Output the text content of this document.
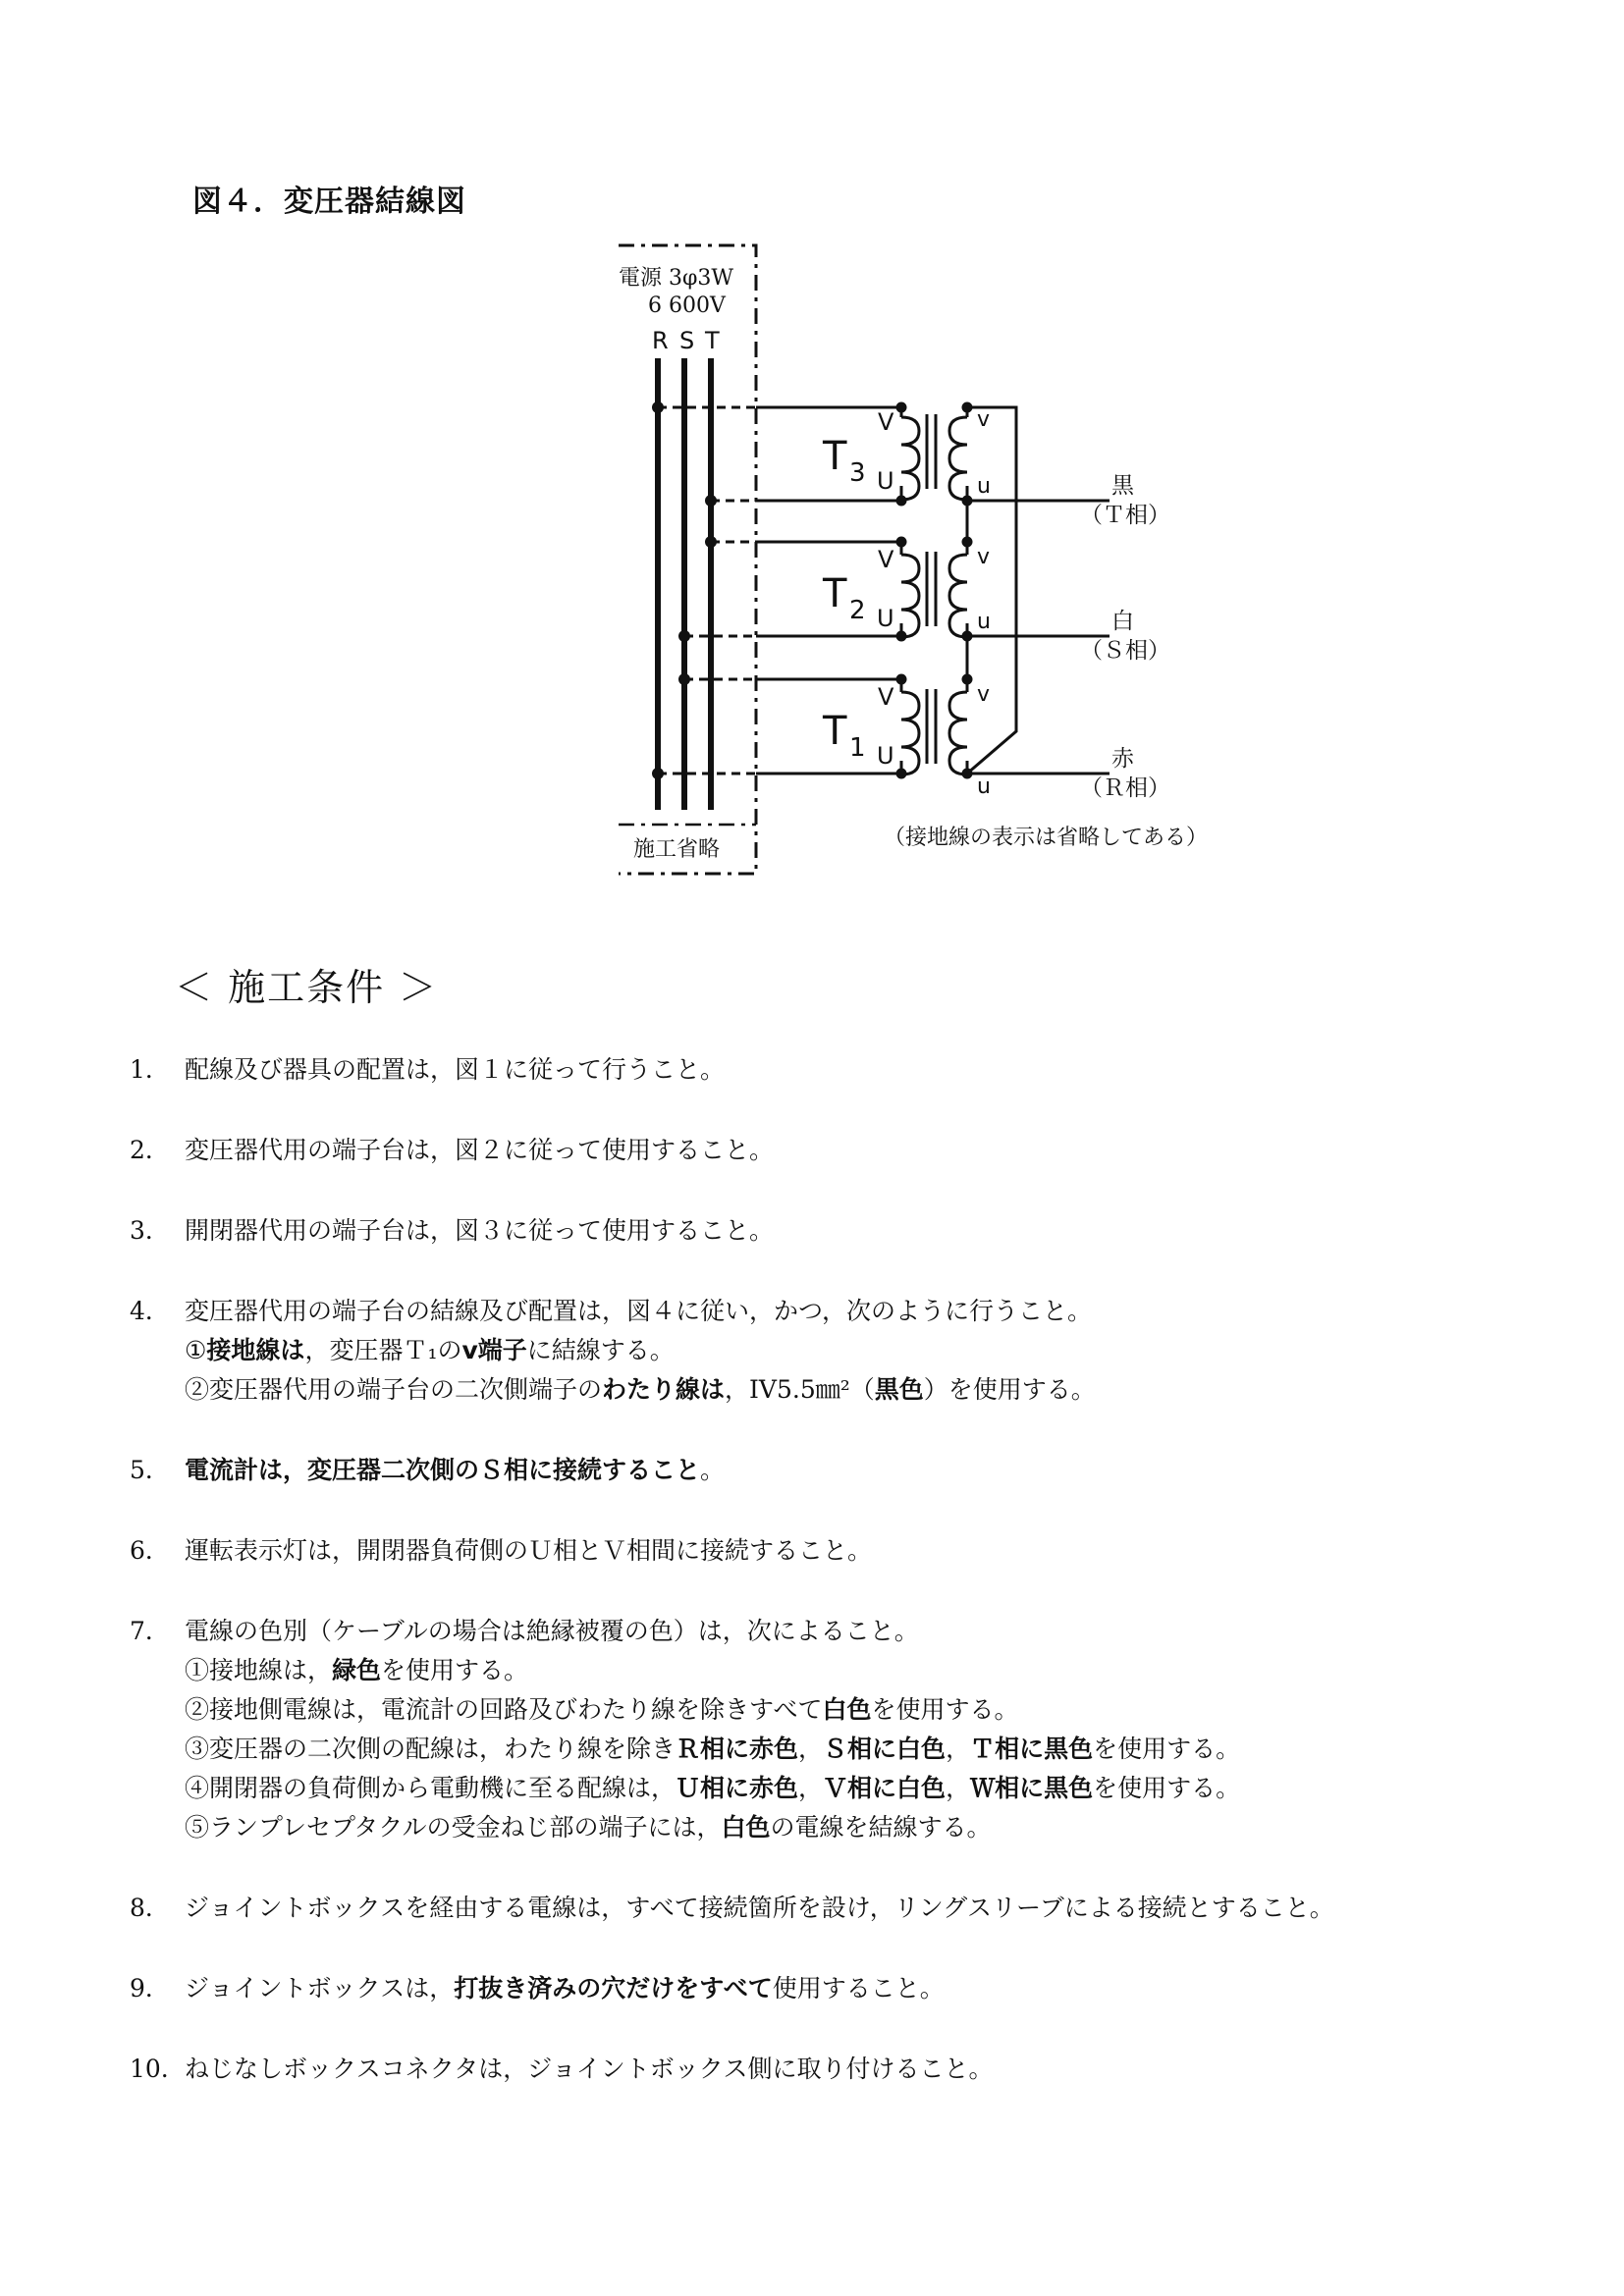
図４．変圧器結線図
電源 3φ3W
6 600V
R S T
施工省略
T 3
V
U
v
u
T 2
V
U
v
u
T 1
V
U
v
u
黒
（Ｔ相）
白
（Ｓ相）
赤
（Ｒ相）
（接地線の表示は省略してある）
＜ 施工条件 ＞
1． 配線及び器具の配置は，図１に従って行うこと。
2． 変圧器代用の端子台は，図２に従って使用すること。
3． 開閉器代用の端子台は，図３に従って使用すること。
4． 変圧器代用の端子台の結線及び配置は，図４に従い，かつ，次のように行うこと。
①接地線は，変圧器Ｔ₁のv端子に結線する。
②変圧器代用の端子台の二次側端子のわたり線は，IV5.5㎜²（黒色）を使用する。
5． 電流計は，変圧器二次側のＳ相に接続すること。
6． 運転表示灯は，開閉器負荷側のＵ相とＶ相間に接続すること。
7． 電線の色別（ケーブルの場合は絶縁被覆の色）は，次によること。
①接地線は，緑色を使用する。
②接地側電線は，電流計の回路及びわたり線を除きすべて白色を使用する。
③変圧器の二次側の配線は，わたり線を除きＲ相に赤色，Ｓ相に白色，Ｔ相に黒色を使用する。
④開閉器の負荷側から電動機に至る配線は，Ｕ相に赤色，Ｖ相に白色，Ｗ相に黒色を使用する。
⑤ランプレセプタクルの受金ねじ部の端子には，白色の電線を結線する。
8． ジョイントボックスを経由する電線は，すべて接続箇所を設け，リングスリーブによる接続とすること。
9． ジョイントボックスは，打抜き済みの穴だけをすべて使用すること。
10. ねじなしボックスコネクタは，ジョイントボックス側に取り付けること。
